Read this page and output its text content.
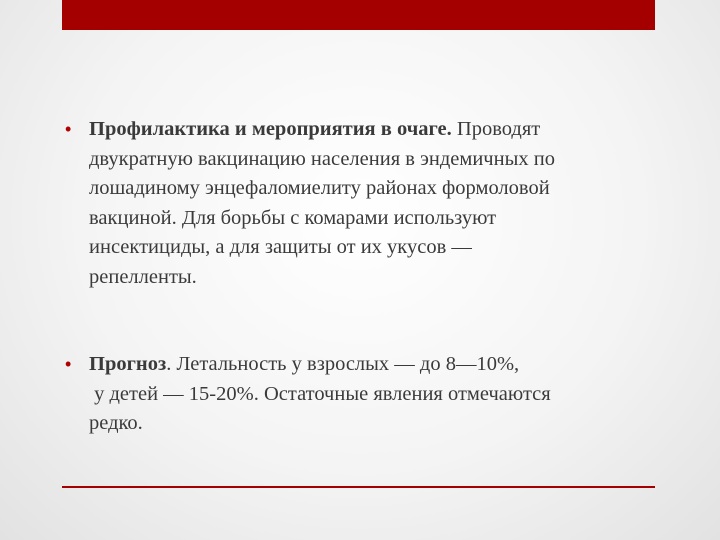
• Профилактика и мероприятия в очаге. Проводят
двукратную вакцинацию населения в эндемичных по
лошадиному энцефаломиелиту районах формоловой
вакциной. Для борьбы с комарами используют
инсектициды, а для защиты от их укусов —
репелленты.
• Прогноз. Летальность у взрослых — до 8—10%,
у детей — 15-20%. Остаточные явления отмечаются
редко.
